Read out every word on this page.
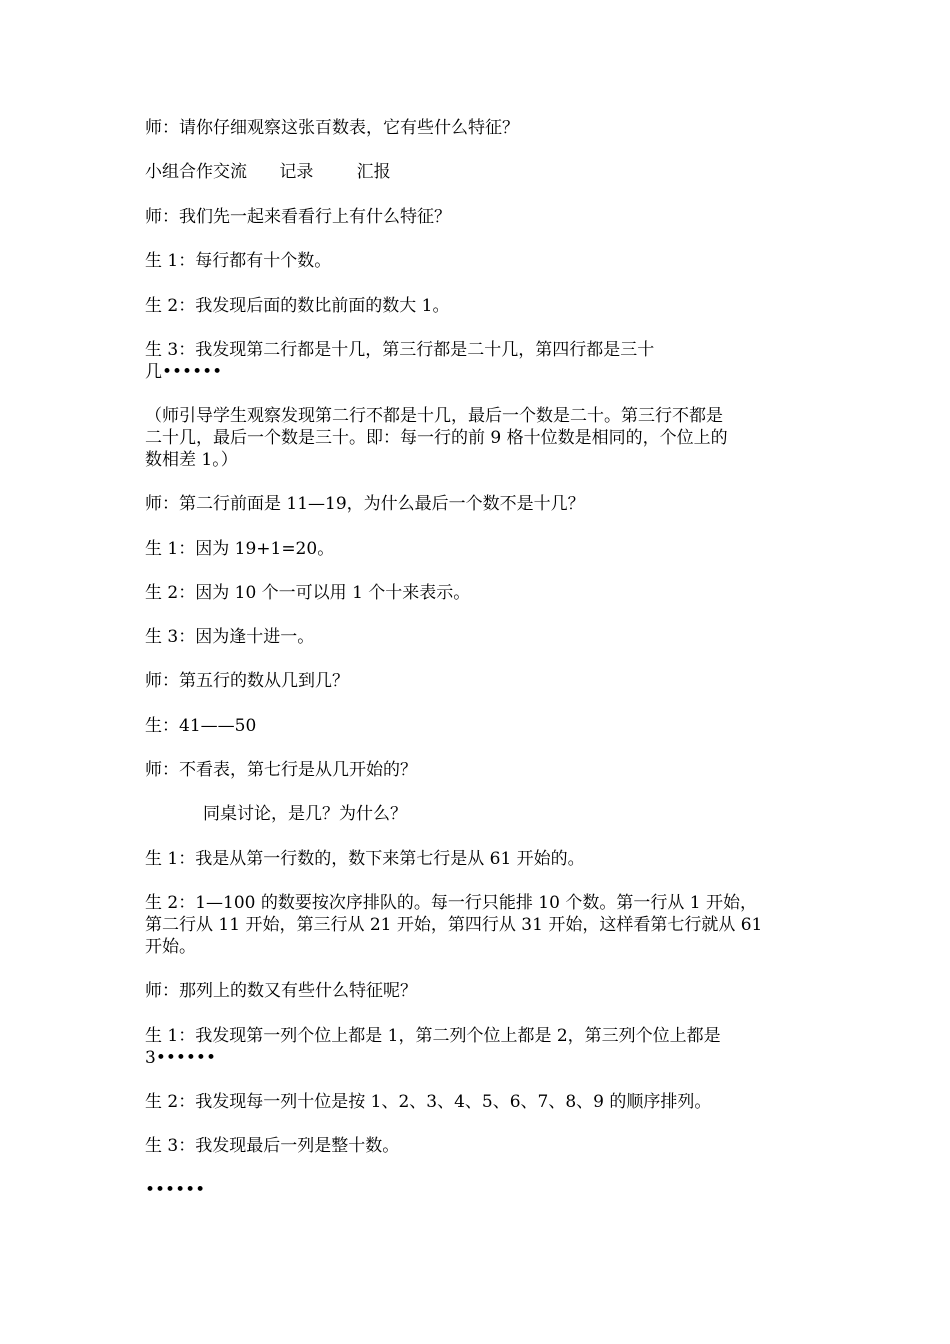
师：请你仔细观察这张百数表，它有些什么特征？

小组合作交流      记录        汇报

师：我们先一起来看看行上有什么特征？

生 1：每行都有十个数。

生 2：我发现后面的数比前面的数大 1。

生 3：我发现第二行都是十几，第三行都是二十几，第四行都是三十
几••••••

（师引导学生观察发现第二行不都是十几，最后一个数是二十。第三行不都是
二十几，最后一个数是三十。即：每一行的前 9 格十位数是相同的，个位上的
数相差 1。）

师：第二行前面是 11—19，为什么最后一个数不是十几？

生 1：因为 19+1=20。

生 2：因为 10 个一可以用 1 个十来表示。

生 3：因为逢十进一。

师：第五行的数从几到几？

生：41——50

师：不看表，第七行是从几开始的？

同桌讨论，是几？为什么？

生 1：我是从第一行数的，数下来第七行是从 61 开始的。

生 2：1—100 的数要按次序排队的。每一行只能排 10 个数。第一行从 1 开始，
第二行从 11 开始，第三行从 21 开始，第四行从 31 开始，这样看第七行就从 61
开始。

师：那列上的数又有些什么特征呢？

生 1：我发现第一列个位上都是 1，第二列个位上都是 2，第三列个位上都是
3••••••

生 2：我发现每一列十位是按 1、2、3、4、5、6、7、8、9 的顺序排列。

生 3：我发现最后一列是整十数。

••••••
